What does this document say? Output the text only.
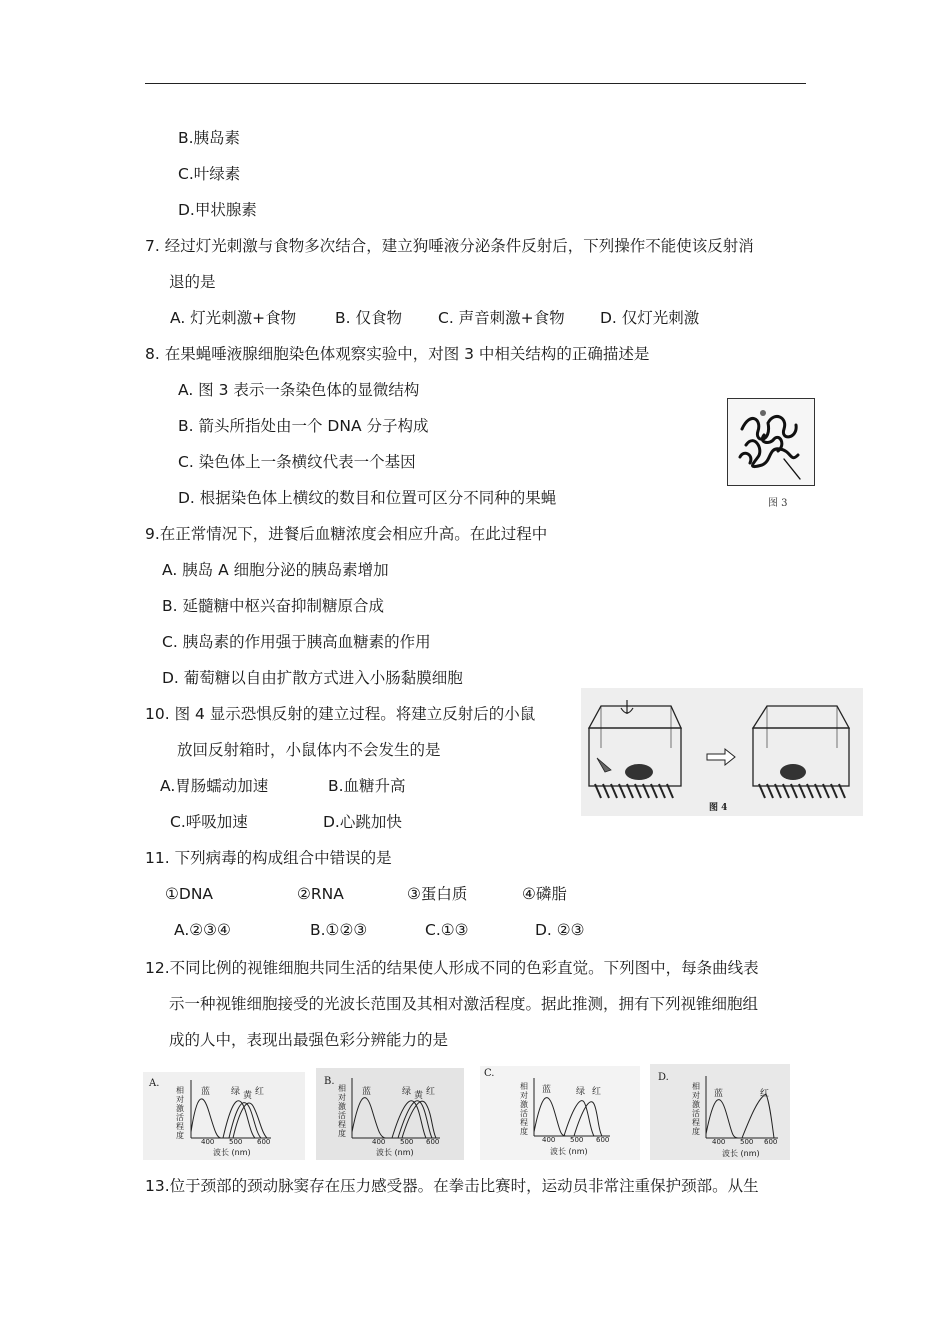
B.胰岛素
C.叶绿素
D.甲状腺素
7. 经过灯光刺激与食物多次结合，建立狗唾液分泌条件反射后，下列操作不能使该反射消
退的是
A. 灯光刺激+食物	B. 仅食物 C. 声音刺激+食物 D. 仅灯光刺激
8. 在果蝇唾液腺细胞染色体观察实验中，对图 3 中相关结构的正确描述是
A. 图 3 表示一条染色体的显微结构
B. 箭头所指处由一个 DNA 分子构成
C. 染色体上一条横纹代表一个基因
D. 根据染色体上横纹的数目和位置可区分不同种的果蝇	图 3
9.在正常情况下，进餐后血糖浓度会相应升高。在此过程中
A. 胰岛 A 细胞分泌的胰岛素增加
B. 延髓糖中枢兴奋抑制糖原合成
C. 胰岛素的作用强于胰高血糖素的作用
D. 葡萄糖以自由扩散方式进入小肠黏膜细胞
10. 图 4 显示恐惧反射的建立过程。将建立反射后的小鼠
放回反射箱时，小鼠体内不会发生的是
A.胃肠蠕动加速	B.血糖升高
C.呼吸加速	D.心跳加快
图 4
11. 下列病毒的构成组合中错误的是
①DNA	②RNA	③蛋白质	④磷脂
A.②③④	B.①②③	C.①③	D. ②③
12.不同比例的视锥细胞共同生活的结果使人形成不同的色彩直觉。下列图中，每条曲线表
示一种视锥细胞接受的光波长范围及其相对激活程度。据此推测，拥有下列视锥细胞组
成的人中，表现出最强色彩分辨能力的是
A.
相对激活程度
蓝 绿 黄 红
400 500 600
波长 (nm)
B.
相对激活程度
蓝	绿 黄 红
400 500 600
波长 (nm)
C.
相对激活程度
蓝	绿 红
400 500 600
波长 (nm)
D.
相对激活程度
蓝	红
400 500 600
波长 (nm)
13.位于颈部的颈动脉窦存在压力感受器。在拳击比赛时，运动员非常注重保护颈部。从生
